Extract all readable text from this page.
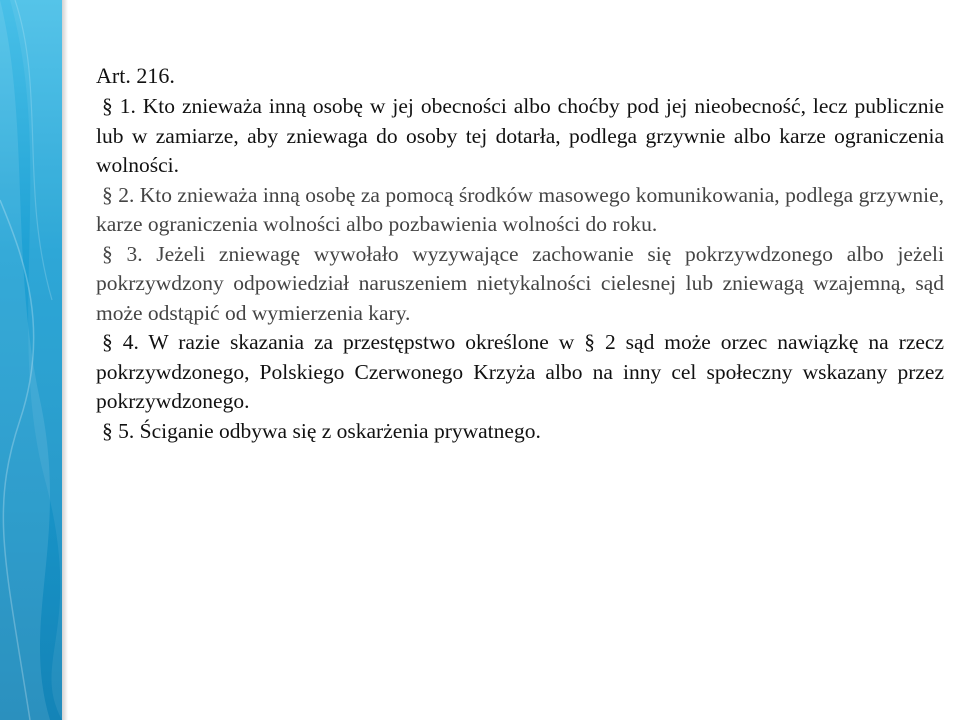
Art. 216.

§ 1. Kto znieważa inną osobę w jej obecności albo choćby pod jej nieobecność, lecz publicznie lub w zamiarze, aby zniewaga do osoby tej dotarła, podlega grzywnie albo karze ograniczenia wolności.

§ 2. Kto znieważa inną osobę za pomocą środków masowego komunikowania, podlega grzywnie, karze ograniczenia wolności albo pozbawienia wolności do roku.

§ 3. Jeżeli zniewagę wywołało wyzywające zachowanie się pokrzywdzonego albo jeżeli pokrzywdzony odpowiedział naruszeniem nietykalności cielesnej lub zniewagą wzajemną, sąd może odstąpić od wymierzenia kary.

§ 4. W razie skazania za przestępstwo określone w § 2 sąd może orzec nawiązkę na rzecz pokrzywdzonego, Polskiego Czerwonego Krzyża albo na inny cel społeczny wskazany przez pokrzywdzonego.

§ 5. Ściganie odbywa się z oskarżenia prywatnego.
